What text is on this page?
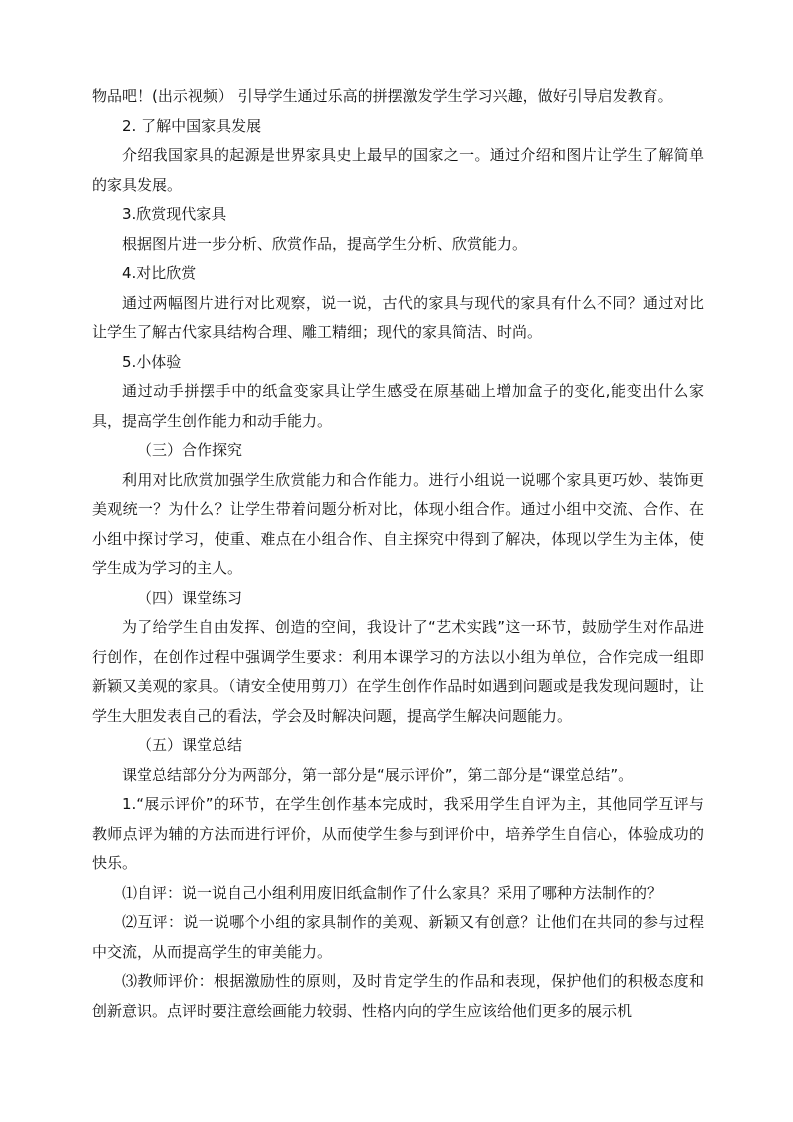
物品吧！(出示视频） 引导学生通过乐高的拼摆激发学生学习兴趣，做好引导启发教育。

2. 了解中国家具发展

介绍我国家具的起源是世界家具史上最早的国家之一。通过介绍和图片让学生了解简单的家具发展。

3.欣赏现代家具

根据图片进一步分析、欣赏作品，提高学生分析、欣赏能力。

4.对比欣赏

通过两幅图片进行对比观察，说一说，古代的家具与现代的家具有什么不同？通过对比让学生了解古代家具结构合理、雕工精细；现代的家具简洁、时尚。

5.小体验

通过动手拼摆手中的纸盒变家具让学生感受在原基础上增加盒子的变化,能变出什么家具，提高学生创作能力和动手能力。

（三）合作探究

利用对比欣赏加强学生欣赏能力和合作能力。进行小组说一说哪个家具更巧妙、装饰更美观统一？为什么？让学生带着问题分析对比，体现小组合作。通过小组中交流、合作、在小组中探讨学习，使重、难点在小组合作、自主探究中得到了解决，体现以学生为主体，使学生成为学习的主人。

（四）课堂练习

为了给学生自由发挥、创造的空间，我设计了“艺术实践”这一环节，鼓励学生对作品进行创作，在创作过程中强调学生要求：利用本课学习的方法以小组为单位，合作完成一组即新颖又美观的家具。（请安全使用剪刀）在学生创作作品时如遇到问题或是我发现问题时，让学生大胆发表自己的看法，学会及时解决问题，提高学生解决问题能力。

（五）课堂总结

课堂总结部分分为两部分，第一部分是“展示评价”，第二部分是“课堂总结”。

1.“展示评价”的环节，在学生创作基本完成时，我采用学生自评为主，其他同学互评与教师点评为辅的方法而进行评价，从而使学生参与到评价中，培养学生自信心，体验成功的快乐。

⑴自评：说一说自己小组利用废旧纸盒制作了什么家具？采用了哪种方法制作的？

⑵互评：说一说哪个小组的家具制作的美观、新颖又有创意？让他们在共同的参与过程中交流，从而提高学生的审美能力。

⑶教师评价：根据激励性的原则，及时肯定学生的作品和表现，保护他们的积极态度和创新意识。点评时要注意绘画能力较弱、性格内向的学生应该给他们更多的展示机
